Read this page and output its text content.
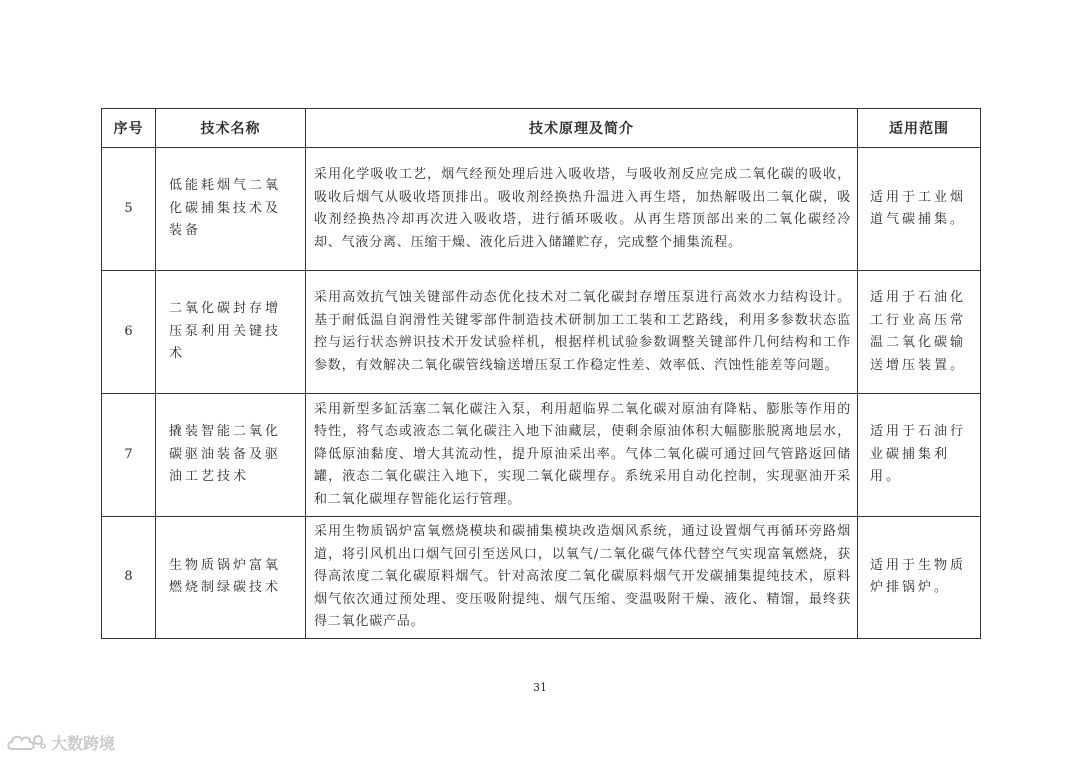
序号	技术名称	技术原理及简介	适用范围
5	低能耗烟气二氧化碳捕集技术及装备	采用化学吸收工艺，烟气经预处理后进入吸收塔，与吸收剂反应完成二氧化碳的吸收，吸收后烟气从吸收塔顶排出。吸收剂经换热升温进入再生塔，加热解吸出二氧化碳，吸收剂经换热冷却再次进入吸收塔，进行循环吸收。从再生塔顶部出来的二氧化碳经冷却、气液分离、压缩干燥、液化后进入储罐贮存，完成整个捕集流程。	适用于工业烟道气碳捕集。
6	二氧化碳封存增压泵利用关键技术	采用高效抗气蚀关键部件动态优化技术对二氧化碳封存增压泵进行高效水力结构设计。基于耐低温自润滑性关键零部件制造技术研制加工工装和工艺路线，利用多参数状态监控与运行状态辨识技术开发试验样机，根据样机试验参数调整关键部件几何结构和工作参数，有效解决二氧化碳管线输送增压泵工作稳定性差、效率低、汽蚀性能差等问题。	适用于石油化工行业高压常温二氧化碳输送增压装置。
7	撬装智能二氧化碳驱油装备及驱油工艺技术	采用新型多缸活塞二氧化碳注入泵，利用超临界二氧化碳对原油有降粘、膨胀等作用的特性，将气态或液态二氧化碳注入地下油藏层，使剩余原油体积大幅膨胀脱离地层水，降低原油黏度、增大其流动性，提升原油采出率。气体二氧化碳可通过回气管路返回储罐，液态二氧化碳注入地下，实现二氧化碳埋存。系统采用自动化控制，实现驱油开采和二氧化碳埋存智能化运行管理。	适用于石油行业碳捕集利用。
8	生物质锅炉富氧燃烧制绿碳技术	采用生物质锅炉富氧燃烧模块和碳捕集模块改造烟风系统，通过设置烟气再循环旁路烟道，将引风机出口烟气回引至送风口，以氧气/二氧化碳气体代替空气实现富氧燃烧，获得高浓度二氧化碳原料烟气。针对高浓度二氧化碳原料烟气开发碳捕集提纯技术，原料烟气依次通过预处理、变压吸附提纯、烟气压缩、变温吸附干燥、液化、精馏，最终获得二氧化碳产品。	适用于生物质炉排锅炉。
31
大数跨境
